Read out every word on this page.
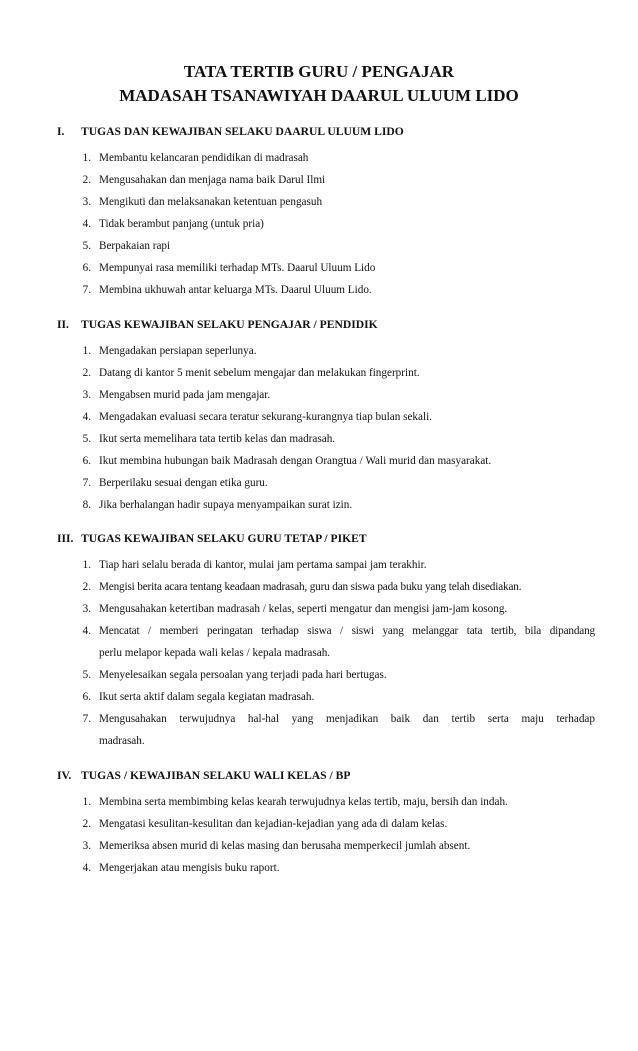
TATA TERTIB GURU / PENGAJAR
MADASAH TSANAWIYAH DAARUL ULUUM LIDO
I.	TUGAS DAN KEWAJIBAN SELAKU DAARUL ULUUM LIDO
1. Membantu kelancaran pendidikan di madrasah
2. Mengusahakan dan menjaga nama baik Darul Ilmi
3. Mengikuti dan melaksanakan ketentuan pengasuh
4. Tidak berambut panjang (untuk pria)
5. Berpakaian rapi
6. Mempunyai rasa memiliki terhadap MTs. Daarul Uluum Lido
7. Membina ukhuwah antar keluarga MTs. Daarul Uluum Lido.
II.	TUGAS KEWAJIBAN SELAKU PENGAJAR / PENDIDIK
1. Mengadakan persiapan seperlunya.
2. Datang di kantor 5 menit sebelum mengajar dan melakukan fingerprint.
3. Mengabsen murid pada jam mengajar.
4. Mengadakan evaluasi secara teratur sekurang-kurangnya tiap bulan sekali.
5. Ikut serta memelihara tata tertib kelas dan madrasah.
6. Ikut membina hubungan baik Madrasah dengan Orangtua / Wali murid dan masyarakat.
7. Berperilaku sesuai dengan etika guru.
8. Jika berhalangan hadir supaya menyampaikan surat izin.
III. TUGAS KEWAJIBAN SELAKU GURU TETAP / PIKET
1. Tiap hari selalu berada di kantor, mulai jam pertama sampai jam terakhir.
2. Mengisi berita acara tentang keadaan madrasah, guru dan siswa pada buku yang telah disediakan.
3. Mengusahakan ketertiban madrasah / kelas, seperti mengatur dan mengisi jam-jam kosong.
4. Mencatat / memberi peringatan terhadap siswa / siswi yang melanggar tata tertib, bila dipandang
perlu melapor kepada wali kelas / kepala madrasah.
5. Menyelesaikan segala persoalan yang terjadi pada hari bertugas.
6. Ikut serta aktif dalam segala kegiatan madrasah.
7. Mengusahakan terwujudnya hal-hal yang menjadikan baik dan tertib serta maju terhadap
madrasah.
IV. TUGAS / KEWAJIBAN SELAKU WALI KELAS / BP
1. Membina serta membimbing kelas kearah terwujudnya kelas tertib, maju, bersih dan indah.
2. Mengatasi kesulitan-kesulitan dan kejadian-kejadian yang ada di dalam kelas.
3. Memeriksa absen murid di kelas masing dan berusaha memperkecil jumlah absent.
4. Mengerjakan atau mengisis buku raport.
